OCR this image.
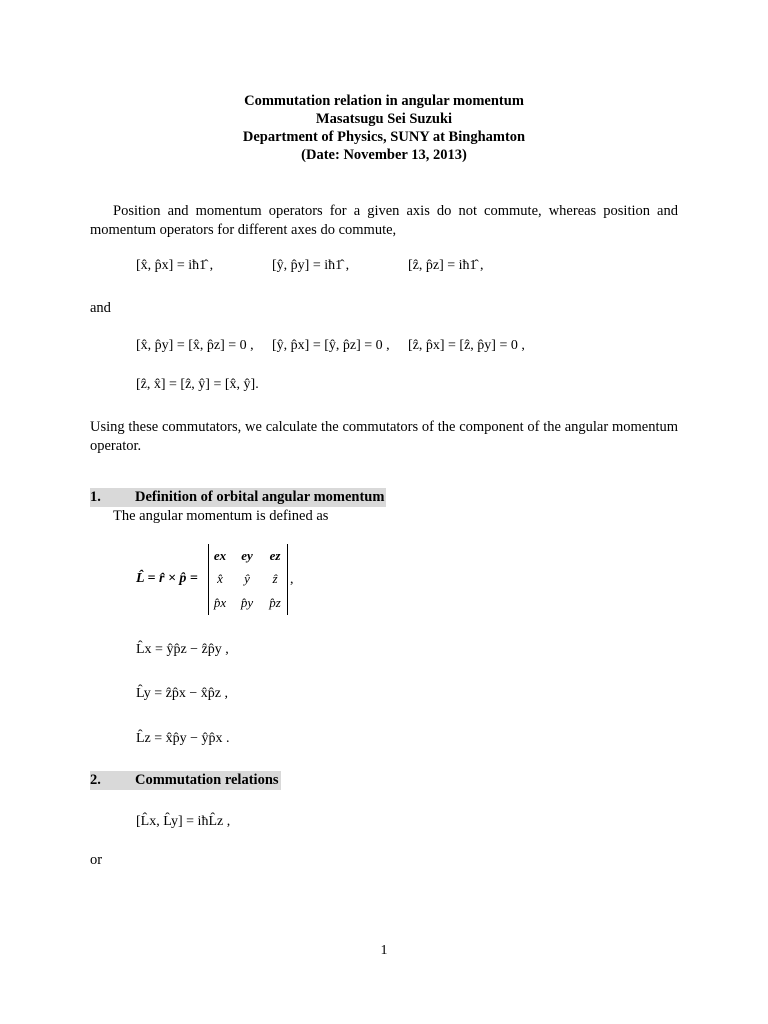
Commutation relation in angular momentum
Masatsugu Sei Suzuki
Department of Physics, SUNY at Binghamton
(Date: November 13, 2013)
Position and momentum operators for a given axis do not commute, whereas position and momentum operators for different axes do commute,
[x̂, p̂x] = iħ1̂ ,	[ŷ, p̂y] = iħ1̂ ,	[ẑ, p̂z] = iħ1̂ ,
and
[x̂, p̂y] = [x̂, p̂z] = 0 , [ŷ, p̂x] = [ŷ, p̂z] = 0 , [ẑ, p̂x] = [ẑ, p̂y] = 0 ,
[ẑ, x̂] = [ẑ, ŷ] = [x̂, ŷ].
Using these commutators, we calculate the commutators of the component of the angular momentum operator.
1. Definition of orbital angular momentum
The angular momentum is defined as
L̂ = r̂ × p̂ =
ex	ey	ez
x̂	ŷ	ẑ
p̂x p̂y	p̂z
,
L̂x = ŷp̂z − ẑp̂y ,
L̂y = ẑp̂x − x̂p̂z ,
L̂z = x̂p̂y − ŷp̂x .
2. Commutation relations
[L̂x, L̂y] = iħL̂z ,
or
1
